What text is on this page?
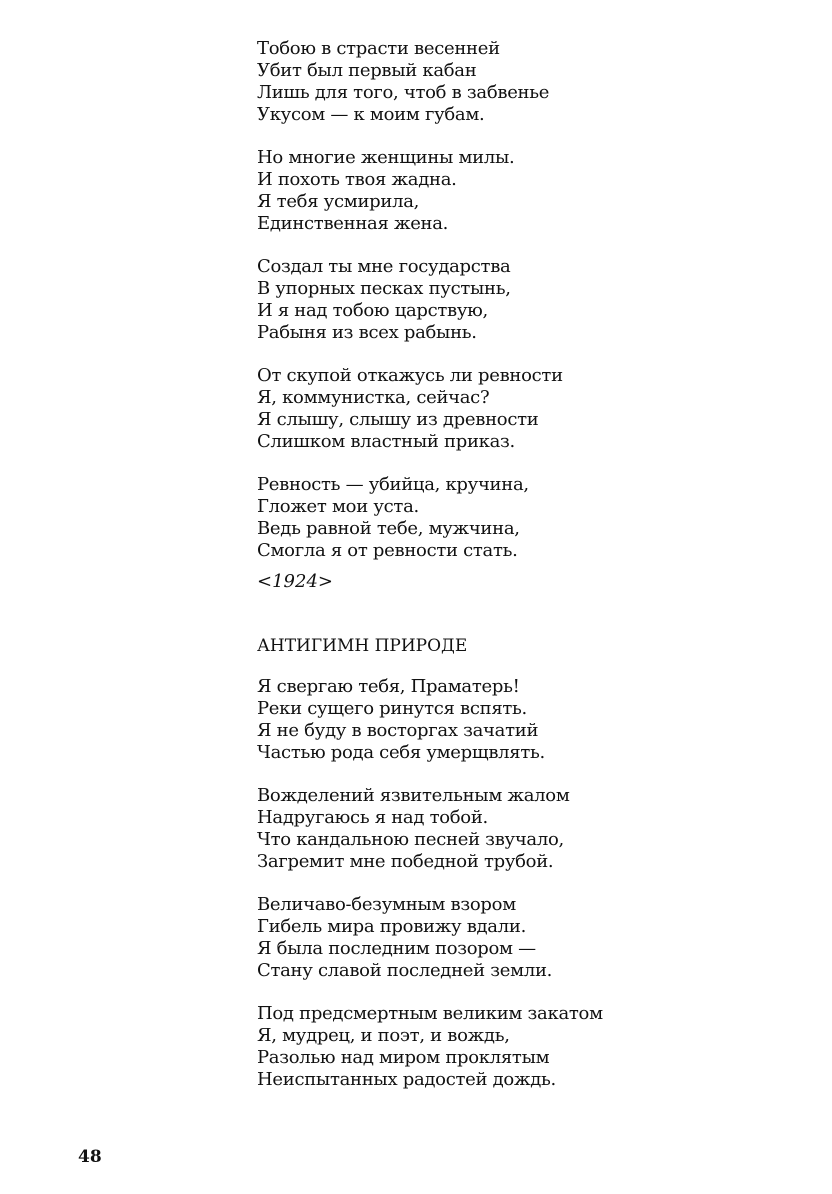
Тобою в страсти весенней
Убит был первый кабан
Лишь для того, чтоб в забвенье
Укусом — к моим губам.
Но многие женщины милы.
И похоть твоя жадна.
Я тебя усмирила,
Единственная жена.
Создал ты мне государства
В упорных песках пустынь,
И я над тобою царствую,
Рабыня из всех рабынь.
От скупой откажусь ли ревности
Я, коммунистка, сейчас?
Я слышу, слышу из древности
Слишком властный приказ.
Ревность — убийца, кручина,
Гложет мои уста.
Ведь равной тебе, мужчина,
Смогла я от ревности стать.
<1924>
АНТИГИМН ПРИРОДЕ
Я свергаю тебя, Праматерь!
Реки сущего ринутся вспять.
Я не буду в восторгах зачатий
Частью рода себя умерщвлять.
Вожделений язвительным жалом
Надругаюсь я над тобой.
Что кандальною песней звучало,
Загремит мне победной трубой.
Величаво-безумным взором
Гибель мира провижу вдали.
Я была последним позором —
Стану славой последней земли.
Под предсмертным великим закатом
Я, мудрец, и поэт, и вождь,
Разолью над миром проклятым
Неиспытанных радостей дождь.
48
